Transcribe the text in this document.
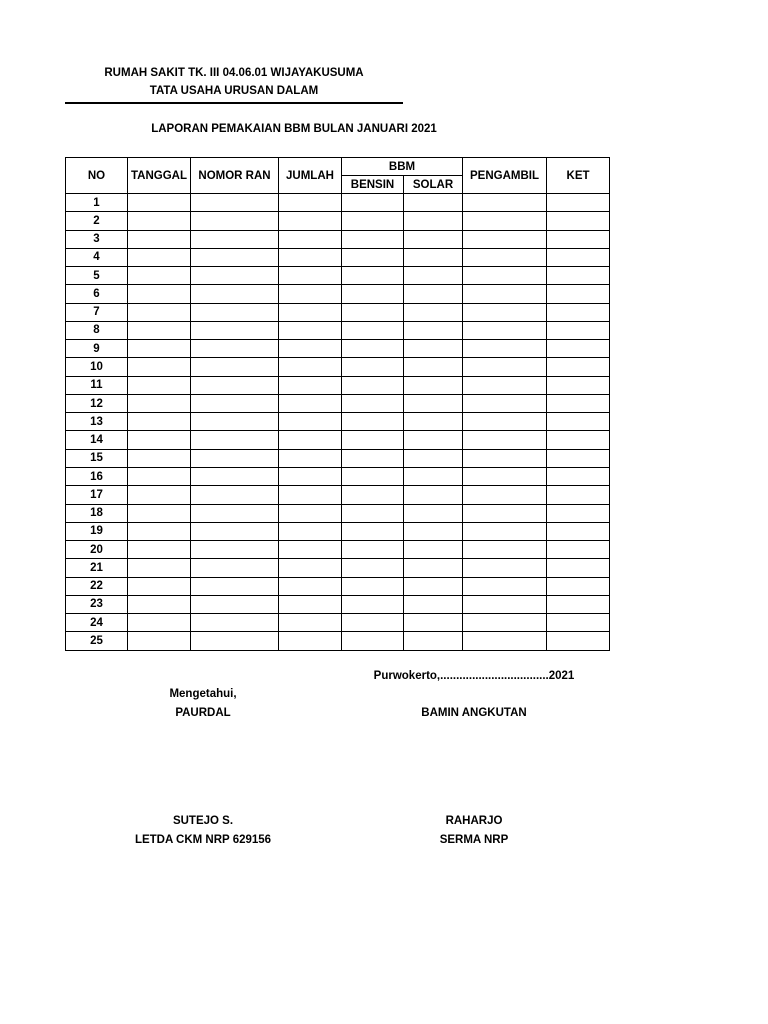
RUMAH SAKIT TK. III 04.06.01 WIJAYAKUSUMA
TATA USAHA URUSAN DALAM
LAPORAN PEMAKAIAN BBM BULAN JANUARI 2021
NO	TANGGAL	NOMOR RAN	JUMLAH	BBM		PENGAMBIL	KET
				BENSIN	SOLAR		
1							
2							
3							
4							
5							
6							
7							
8							
9							
10							
11							
12							
13							
14							
15							
16							
17							
18							
19							
20							
21							
22							
23							
24							
25							
Purwokerto,..................................2021
Mengetahui,
PAURDAL	BAMIN ANGKUTAN
SUTEJO S.
LETDA CKM NRP 629156
RAHARJO
SERMA NRP
